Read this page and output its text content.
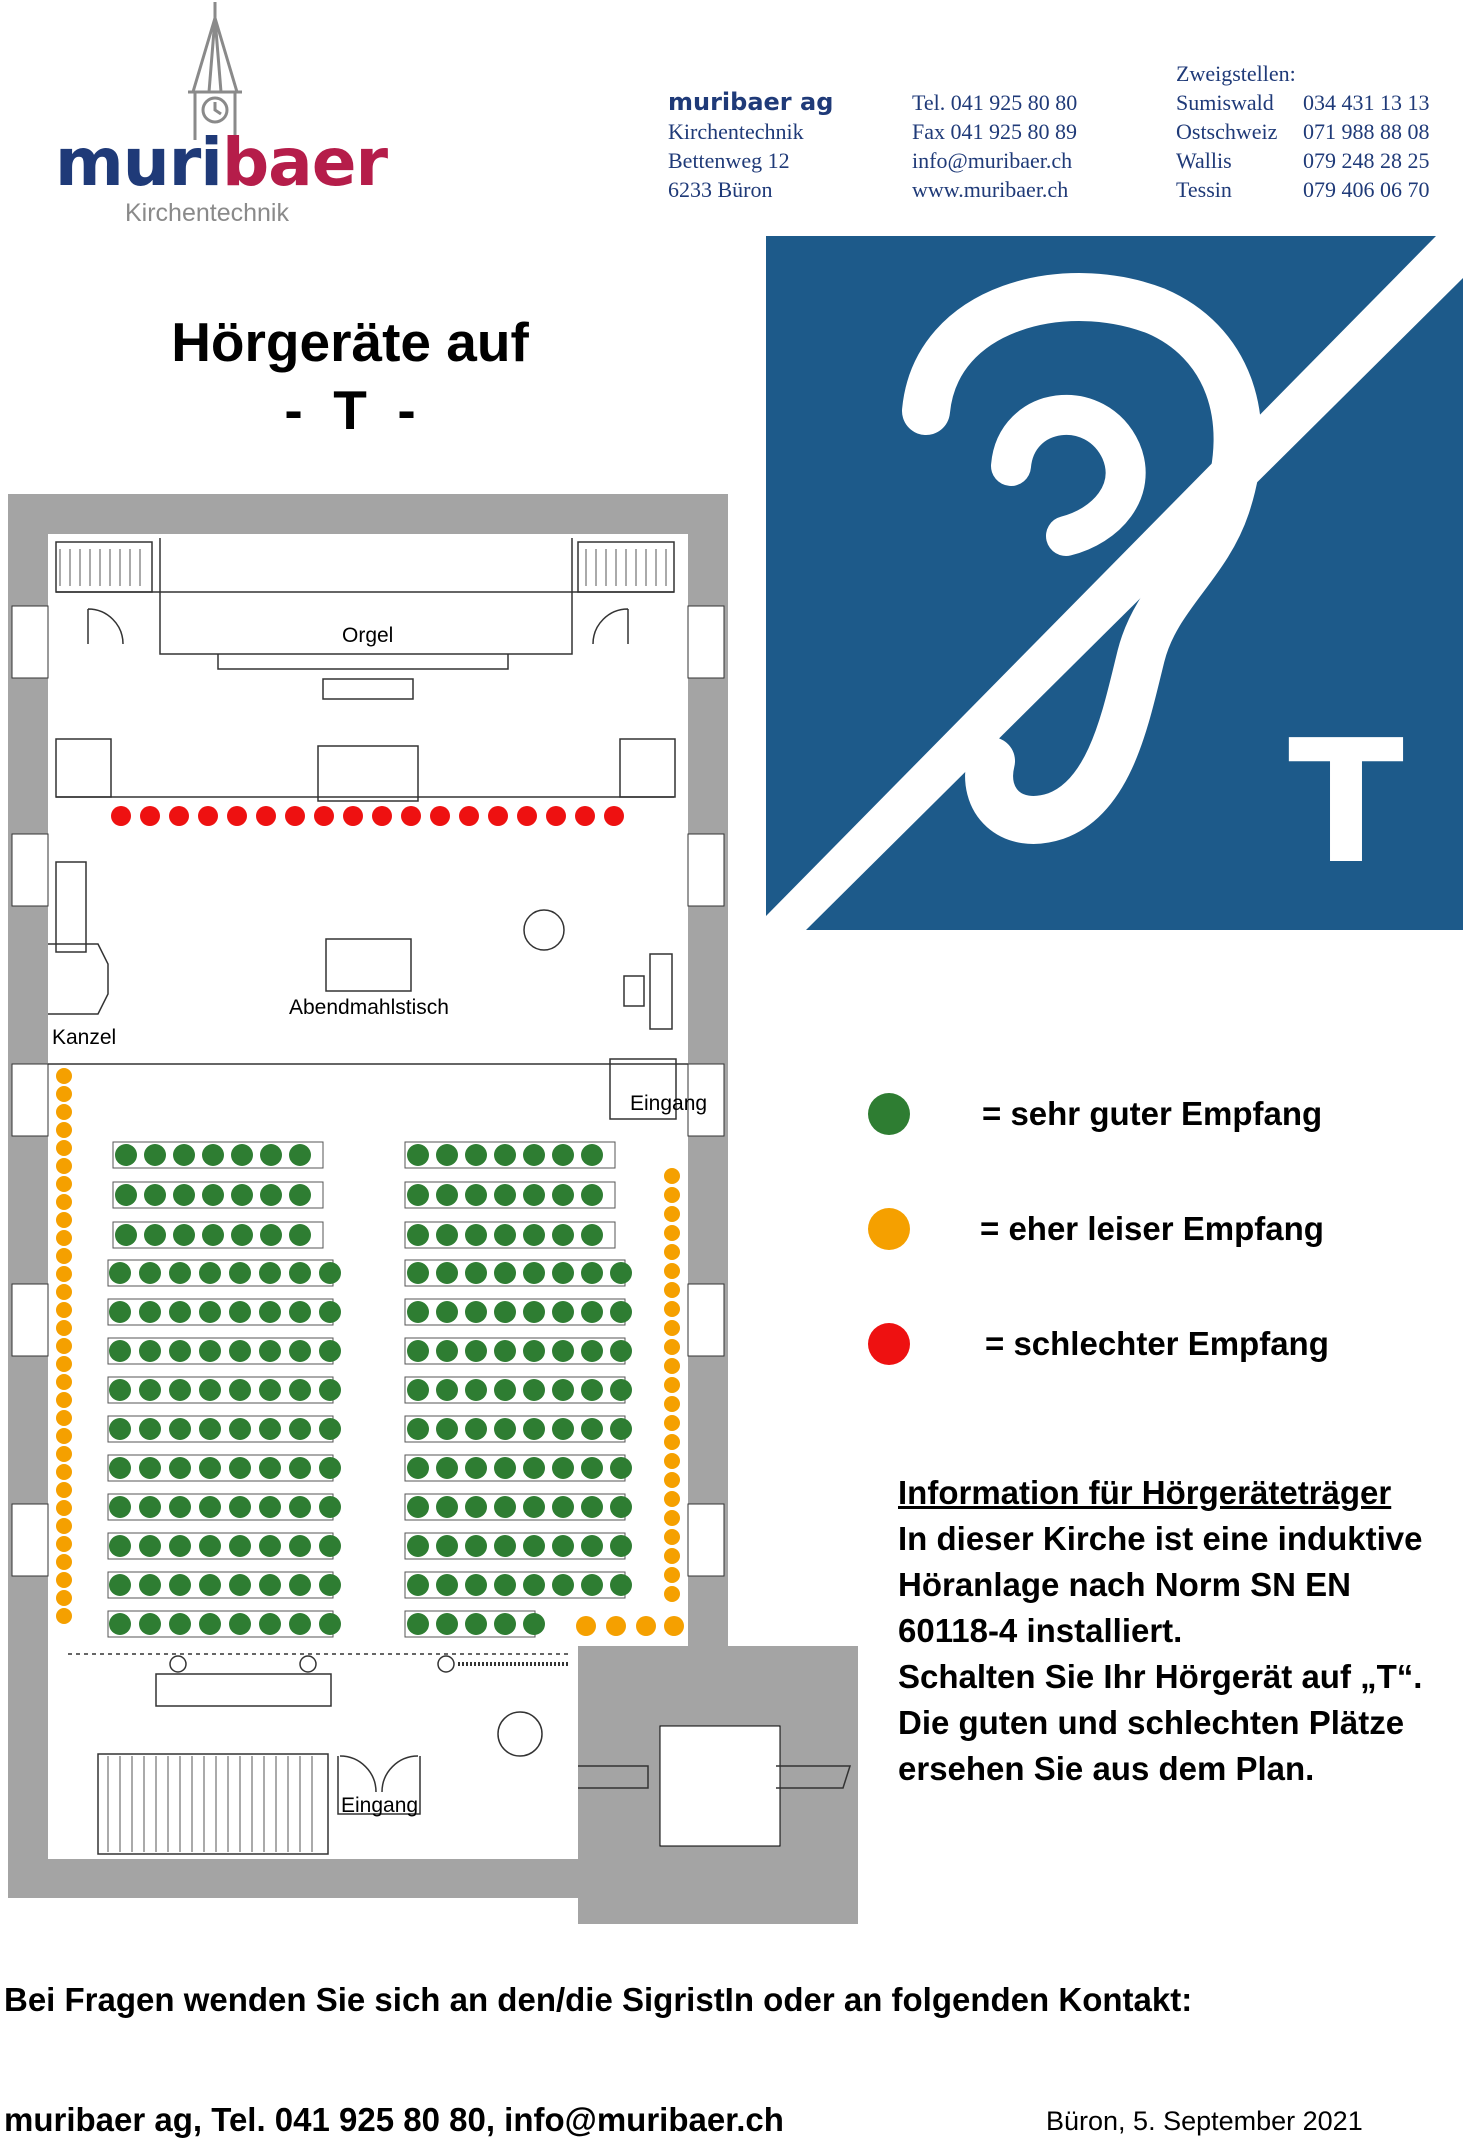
muribaer
Kirchentechnik
muribaer ag
Kirchentechnik
Bettenweg 12
6233 Büron
Tel. 041 925 80 80
Fax 041 925 80 89
info@muribaer.ch
www.muribaer.ch
Zweigstellen:
Sumiswald	034 431 13 13
Ostschweiz	071 988 88 08
Wallis	079 248 28 25
Tessin	079 406 06 70
Hörgeräte auf
-  T  -
T
Orgel
Abendmahlstisch
Kanzel
Eingang
Eingang
= sehr guter Empfang
= eher leiser Empfang
= schlechter Empfang
Information für Hörgeräteträger
In dieser Kirche ist eine induktive
Höranlage nach Norm SN EN
60118-4 installiert.
Schalten Sie Ihr Hörgerät auf „T“.
Die guten und schlechten Plätze
ersehen Sie aus dem Plan.
Bei Fragen wenden Sie sich an den/die SigristIn oder an folgenden Kontakt:
muribaer ag, Tel. 041 925 80 80, info@muribaer.ch	Büron, 5. September 2021
